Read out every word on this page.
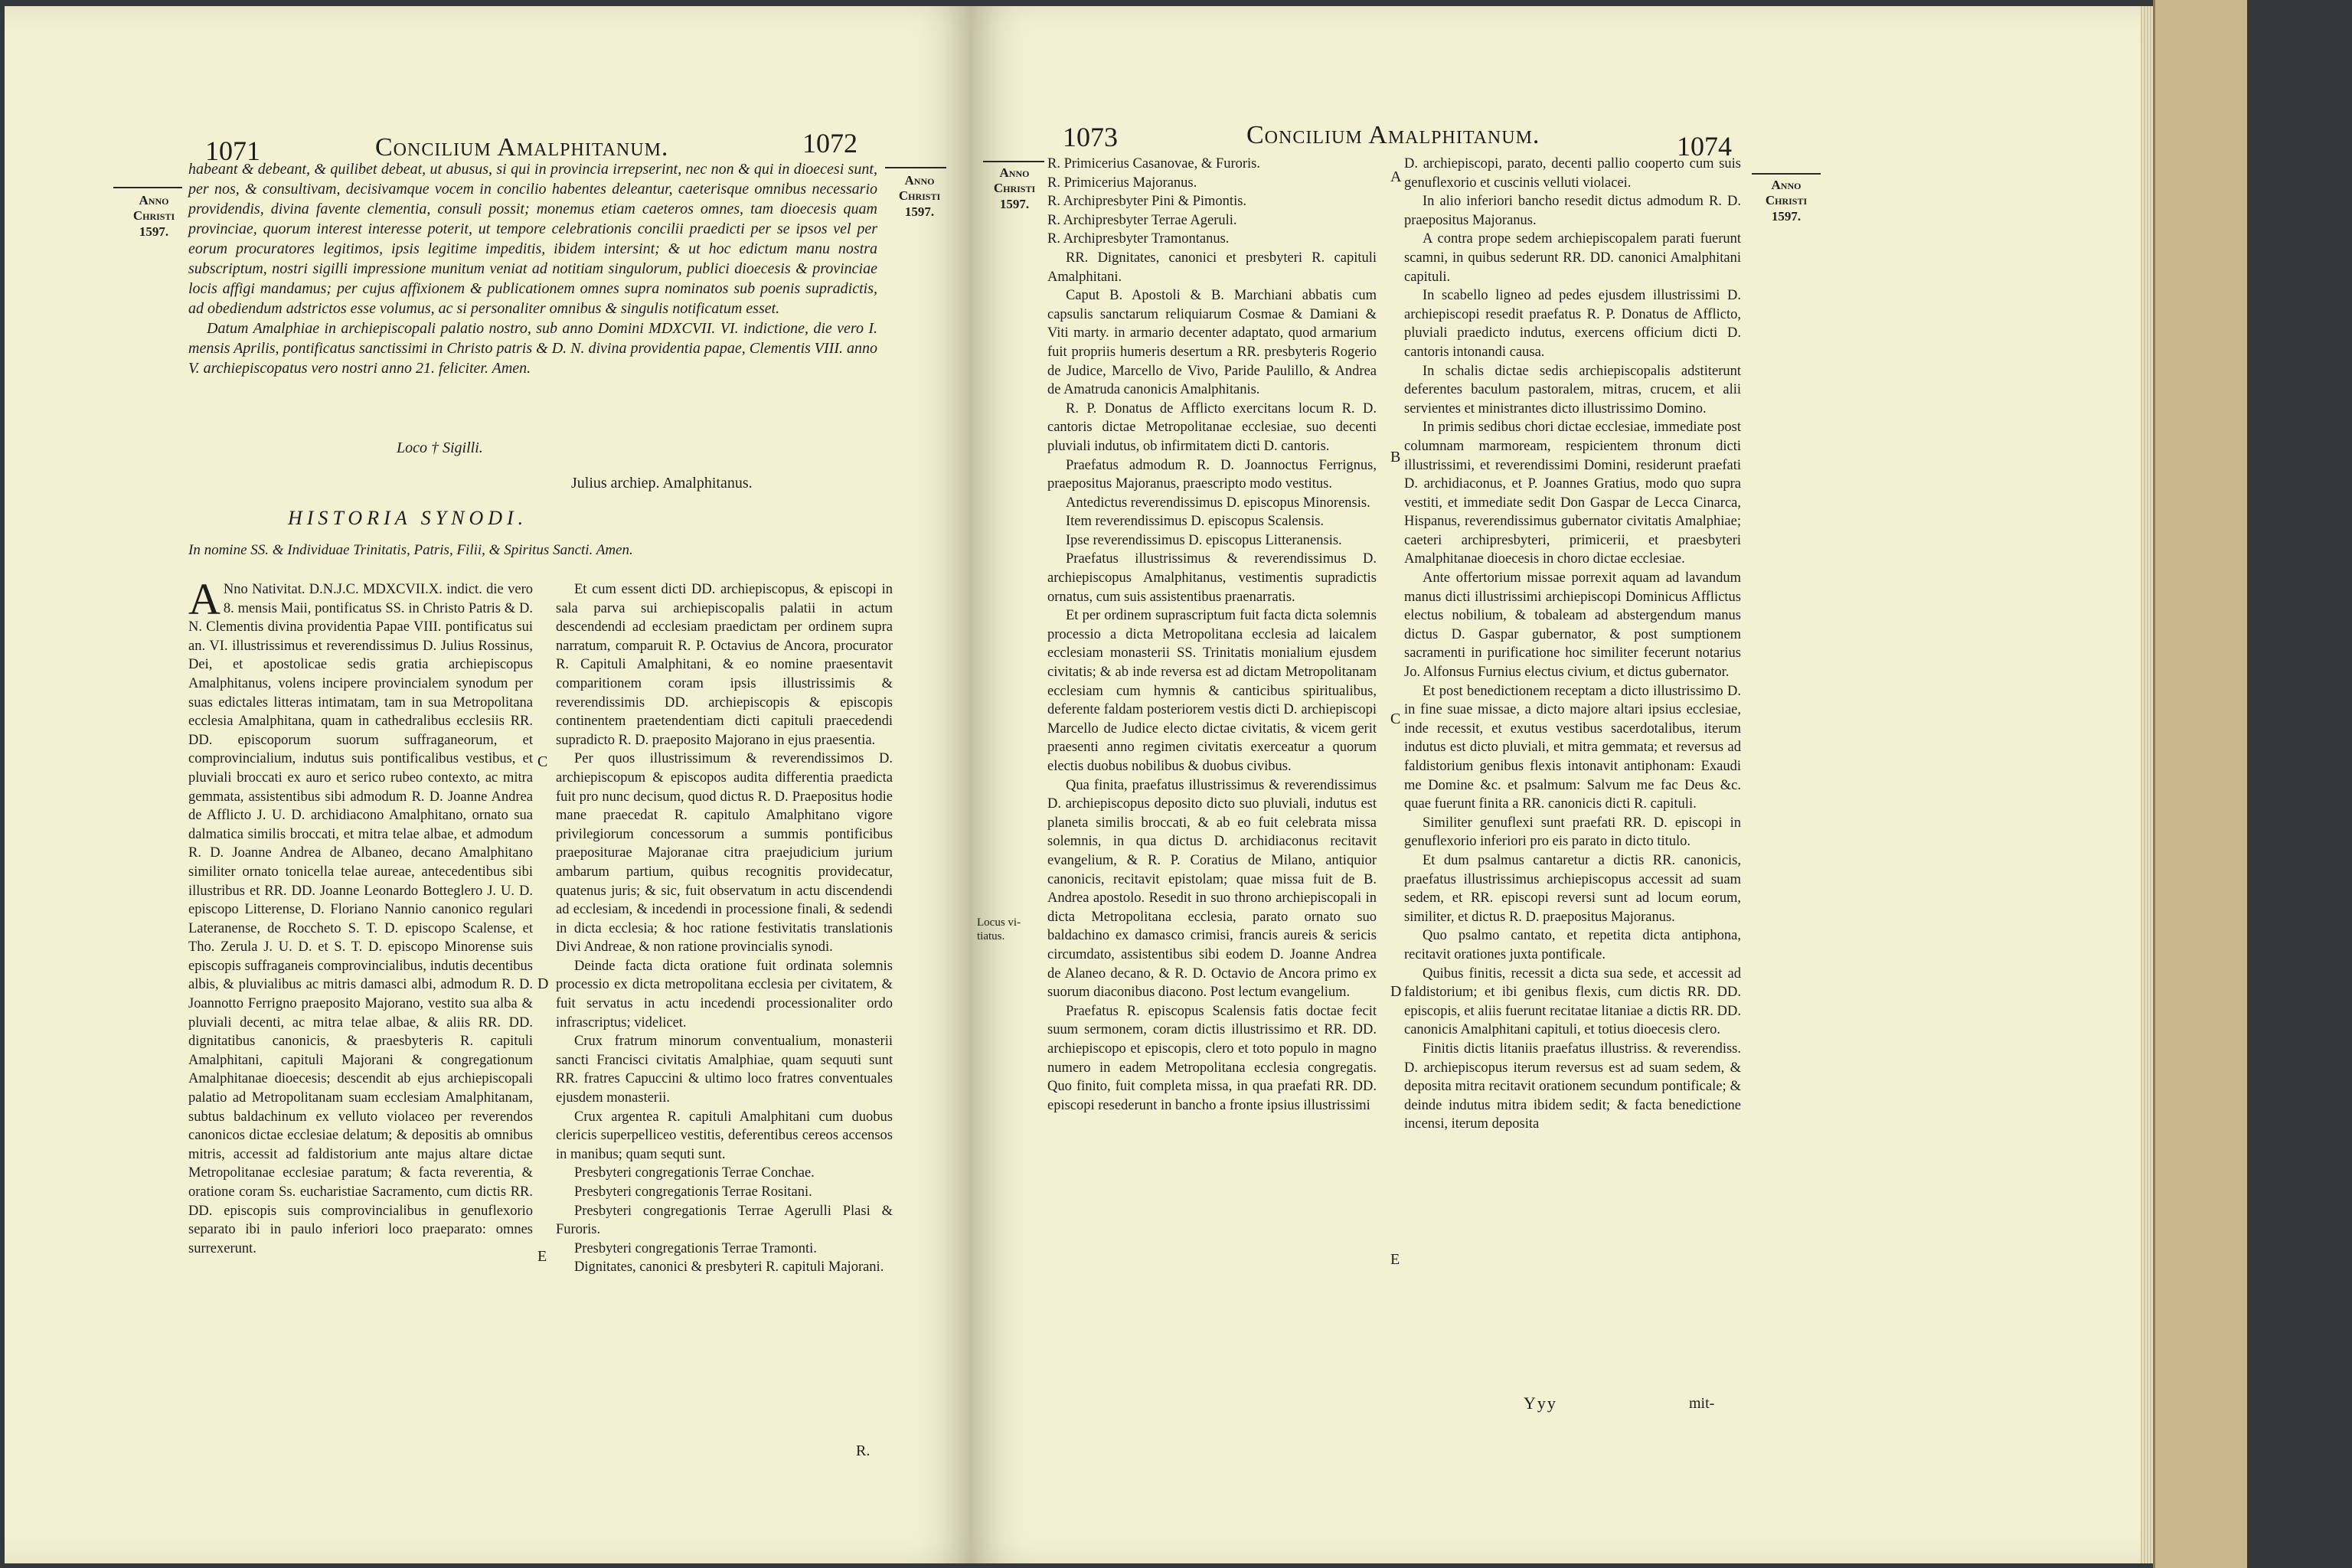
1071	Concilium Amalphitanum.	1072
Anno
Christi
1597.
Anno
Christi
1597.

habeant & debeant, & quilibet debeat, ut abusus, si qui in provincia irrepserint, nec non & qui in dioecesi sunt, per nos, & consultivam, decisivamque vocem in concilio habentes deleantur, caeterisque omnibus necessario providendis, divina favente clementia, consuli possit; monemus etiam caeteros omnes, tam dioecesis quam provinciae, quorum interest interesse poterit, ut tempore celebrationis concilii praedicti per se ipsos vel per eorum procuratores legitimos, ipsis legitime impeditis, ibidem intersint; & ut hoc edictum manu nostra subscriptum, nostri sigilli impressione munitum veniat ad notitiam singulorum, publici dioecesis & provinciae locis affigi mandamus; per cujus affixionem & publicationem omnes supra nominatos sub poenis supradictis, ad obediendum adstrictos esse volumus, ac si personaliter omnibus & singulis notificatum esset.

Datum Amalphiae in archiepiscopali palatio nostro, sub anno Domini MDXCVII. VI. indictione, die vero I. mensis Aprilis, pontificatus sanctissimi in Christo patris & D. N. divina providentia papae, Clementis VIII. anno V. archiepiscopatus vero nostri anno 21. feliciter. Amen.

Loco † Sigilli.
Julius archiep. Amalphitanus.
HISTORIA SYNODI.
In nomine SS. & Individuae Trinitatis, Patris, Filii, & Spiritus Sancti. Amen.
A Nno Nativitat. D.N.J.C. MDXCVII.X. indict. die vero 8. mensis Maii, pontificatus SS. in Christo Patris & D. N. Clementis divina providentia Papae VIII. pontificatus sui an. VI. illustrissimus et reverendissimus D. Julius Rossinus, Dei, et apostolicae sedis gratia archiepiscopus Amalphitanus, volens incipere provincialem synodum per suas edictales litteras intimatam, tam in sua Metropolitana ecclesia Amalphitana, quam in cathedralibus ecclesiis RR. DD. episcoporum suorum suffraganeorum, et comprovincialium, indutus suis pontificalibus vestibus, et pluviali broccati ex auro et serico rubeo contexto, ac mitra gemmata, assistentibus sibi admodum R. D. Joanne Andrea de Afflicto J. U. D. archidiacono Amalphitano, ornato sua dalmatica similis broccati, et mitra telae albae, et admodum R. D. Joanne Andrea de Albaneo, decano Amalphitano similiter ornato tonicella telae aureae, antecedentibus sibi illustribus et RR. DD. Joanne Leonardo Botteglero J. U. D. episcopo Litterense, D. Floriano Nannio canonico regulari Lateranense, de Roccheto S. T. D. episcopo Scalense, et Tho. Zerula J. U. D. et S. T. D. episcopo Minorense suis episcopis suffraganeis comprovincialibus, indutis decentibus albis, & pluvialibus ac mitris damasci albi, admodum R. D. Joannotto Ferrigno praeposito Majorano, vestito sua alba & pluviali decenti, ac mitra telae albae, & aliis RR. DD. dignitatibus canonicis, & praesbyteris R. capituli Amalphitani, capituli Majorani & congregationum Amalphitanae dioecesis; descendit ab ejus archiepiscopali palatio ad Metropolitanam suam ecclesiam Amalphitanam, subtus baldachinum ex velluto violaceo per reverendos canonicos dictae ecclesiae delatum; & depositis ab omnibus mitris, accessit ad faldistorium ante majus altare dictae Metropolitanae ecclesiae paratum; & facta reverentia, & oratione coram Ss. eucharistiae Sacramento, cum dictis RR. DD. episcopis suis comprovincialibus in genuflexorio separato ibi in paulo inferiori loco praeparato: omnes surrexerunt.

Et cum essent dicti DD. archiepiscopus, & episcopi in sala parva sui archiepiscopalis palatii in actum descendendi ad ecclesiam praedictam per ordinem supra narratum, comparuit R. P. Octavius de Ancora, procurator R. Capituli Amalphitani, & eo nomine praesentavit comparitionem coram ipsis illustrissimis & reverendissimis DD. archiepiscopis & episcopis continentem praetendentiam dicti capituli praecedendi supradicto R. D. praeposito Majorano in ejus praesentia.

Per quos illustrissimum & reverendissimos D. archiepiscopum & episcopos audita differentia praedicta fuit pro nunc decisum, quod dictus R. D. Praepositus hodie mane praecedat R. capitulo Amalphitano vigore privilegiorum concessorum a summis pontificibus praepositurae Majoranae citra praejudicium jurium ambarum partium, quibus recognitis providecatur, quatenus juris; & sic, fuit observatum in actu discendendi ad ecclesiam, & incedendi in processione finali, & sedendi in dicta ecclesia; & hoc ratione festivitatis translationis Divi Andreae, & non ratione provincialis synodi.

Deinde facta dicta oratione fuit ordinata solemnis processio ex dicta metropolitana ecclesia per civitatem, & fuit servatus in actu incedendi processionaliter ordo infrascriptus; videlicet.

Crux fratrum minorum conventualium, monasterii sancti Francisci civitatis Amalphiae, quam sequuti sunt RR. fratres Capuccini & ultimo loco fratres conventuales ejusdem monasterii.

Crux argentea R. capituli Amalphitani cum duobus clericis superpelliceo vestitis, deferentibus cereos accensos in manibus; quam sequti sunt.

Presbyteri congregationis Terrae Conchae.

Presbyteri congregationis Terrae Rositani.

Presbyteri congregationis Terrae Agerulli Plasi & Furoris.

Presbyteri congregationis Terrae Tramonti.

Dignitates, canonici & presbyteri R. capituli Majorani.

C
D
E
R.
1073	Concilium Amalphitanum.	1074
Anno
Christi
1597.
Anno
Christi
1597.

R. Primicerius Casanovae, & Furoris.

R. Primicerius Majoranus.

R. Archipresbyter Pini & Pimontis.

R. Archipresbyter Terrae Ageruli.

R. Archipresbyter Tramontanus.

RR. Dignitates, canonici et presbyteri R. capituli Amalphitani.

Caput B. Apostoli & B. Marchiani abbatis cum capsulis sanctarum reliquiarum Cosmae & Damiani & Viti marty. in armario decenter adaptato, quod armarium fuit propriis humeris desertum a RR. presbyteris Rogerio de Judice, Marcello de Vivo, Paride Paulillo, & Andrea de Amatruda canonicis Amalphitanis.

R. P. Donatus de Afflicto exercitans locum R. D. cantoris dictae Metropolitanae ecclesiae, suo decenti pluviali indutus, ob infirmitatem dicti D. cantoris.

Praefatus admodum R. D. Joannoctus Ferrignus, praepositus Majoranus, praescripto modo vestitus.

Antedictus reverendissimus D. episcopus Minorensis.

Item reverendissimus D. episcopus Scalensis.

Ipse reverendissimus D. episcopus Litteranensis.

Praefatus illustrissimus & reverendissimus D. archiepiscopus Amalphitanus, vestimentis supradictis ornatus, cum suis assistentibus praenarratis.

Et per ordinem suprascriptum fuit facta dicta solemnis processio a dicta Metropolitana ecclesia ad laicalem ecclesiam monasterii SS. Trinitatis monialium ejusdem civitatis; & ab inde reversa est ad dictam Metropolitanam ecclesiam cum hymnis & canticibus spiritualibus, deferente faldam posteriorem vestis dicti D. archiepiscopi Marcello de Judice electo dictae civitatis, & vicem gerit praesenti anno regimen civitatis exerceatur a quorum electis duobus nobilibus & duobus civibus.

Qua finita, praefatus illustrissimus & reverendissimus D. archiepiscopus deposito dicto suo pluviali, indutus est planeta similis broccati, & ab eo fuit celebrata missa solemnis, in qua dictus D. archidiaconus recitavit evangelium, & R. P. Coratius de Milano, antiquior canonicis, recitavit epistolam; quae missa fuit de B. Andrea apostolo. Resedit in suo throno archiepiscopali in dicta Metropolitana ecclesia, parato ornato suo baldachino ex damasco crimisi, francis aureis & sericis circumdato, assistentibus sibi eodem D. Joanne Andrea de Alaneo decano, & R. D. Octavio de Ancora primo ex suorum diaconibus diacono. Post lectum evangelium.

Praefatus R. episcopus Scalensis fatis doctae fecit suum sermonem, coram dictis illustrissimo et RR. DD. archiepiscopo et episcopis, clero et toto populo in magno numero in eadem Metropolitana ecclesia congregatis. Quo finito, fuit completa missa, in qua praefati RR. DD. episcopi resederunt in bancho a fronte ipsius illustrissimi

D. archiepiscopi, parato, decenti pallio cooperto cum suis genuflexorio et cuscinis velluti violacei.

In alio inferiori bancho resedit dictus admodum R. D. praepositus Majoranus.

A contra prope sedem archiepiscopalem parati fuerunt scamni, in quibus sederunt RR. DD. canonici Amalphitani capituli.

In scabello ligneo ad pedes ejusdem illustrissimi D. archiepiscopi resedit praefatus R. P. Donatus de Afflicto, pluviali praedicto indutus, exercens officium dicti D. cantoris intonandi causa.

In schalis dictae sedis archiepiscopalis adstiterunt deferentes baculum pastoralem, mitras, crucem, et alii servientes et ministrantes dicto illustrissimo Domino.

In primis sedibus chori dictae ecclesiae, immediate post columnam marmoream, respicientem thronum dicti illustrissimi, et reverendissimi Domini, residerunt praefati D. archidiaconus, et P. Joannes Gratius, modo quo supra vestiti, et immediate sedit Don Gaspar de Lecca Cinarca, Hispanus, reverendissimus gubernator civitatis Amalphiae; caeteri archipresbyteri, primicerii, et praesbyteri Amalphitanae dioecesis in choro dictae ecclesiae.

Ante offertorium missae porrexit aquam ad lavandum manus dicti illustrissimi archiepiscopi Dominicus Afflictus electus nobilium, & tobaleam ad abstergendum manus dictus D. Gaspar gubernator, & post sumptionem sacramenti in purificatione hoc similiter fecerunt notarius Jo. Alfonsus Furnius electus civium, et dictus gubernator.

Et post benedictionem receptam a dicto illustrissimo D. in fine suae missae, a dicto majore altari ipsius ecclesiae, inde recessit, et exutus vestibus sacerdotalibus, iterum indutus est dicto pluviali, et mitra gemmata; et reversus ad faldistorium genibus flexis intonavit antiphonam: Exaudi me Domine &c. et psalmum: Salvum me fac Deus &c. quae fuerunt finita a RR. canonicis dicti R. capituli.

Similiter genuflexi sunt praefati RR. D. episcopi in genuflexorio inferiori pro eis parato in dicto titulo.

Et dum psalmus cantaretur a dictis RR. canonicis, praefatus illustrissimus archiepiscopus accessit ad suam sedem, et RR. episcopi reversi sunt ad locum eorum, similiter, et dictus R. D. praepositus Majoranus.

Quo psalmo cantato, et repetita dicta antiphona, recitavit orationes juxta pontificale.

Quibus finitis, recessit a dicta sua sede, et accessit ad faldistorium; et ibi genibus flexis, cum dictis RR. DD. episcopis, et aliis fuerunt recitatae litaniae a dictis RR. DD. canonicis Amalphitani capituli, et totius dioecesis clero.

Finitis dictis litaniis praefatus illustriss. & reverendiss. D. archiepiscopus iterum reversus est ad suam sedem, & deposita mitra recitavit orationem secundum pontificale; & deinde indutus mitra ibidem sedit; & facta benedictione incensi, iterum deposita

Locus vi-
tiatus.
A
B
C
D
E
Yyy	mit-
